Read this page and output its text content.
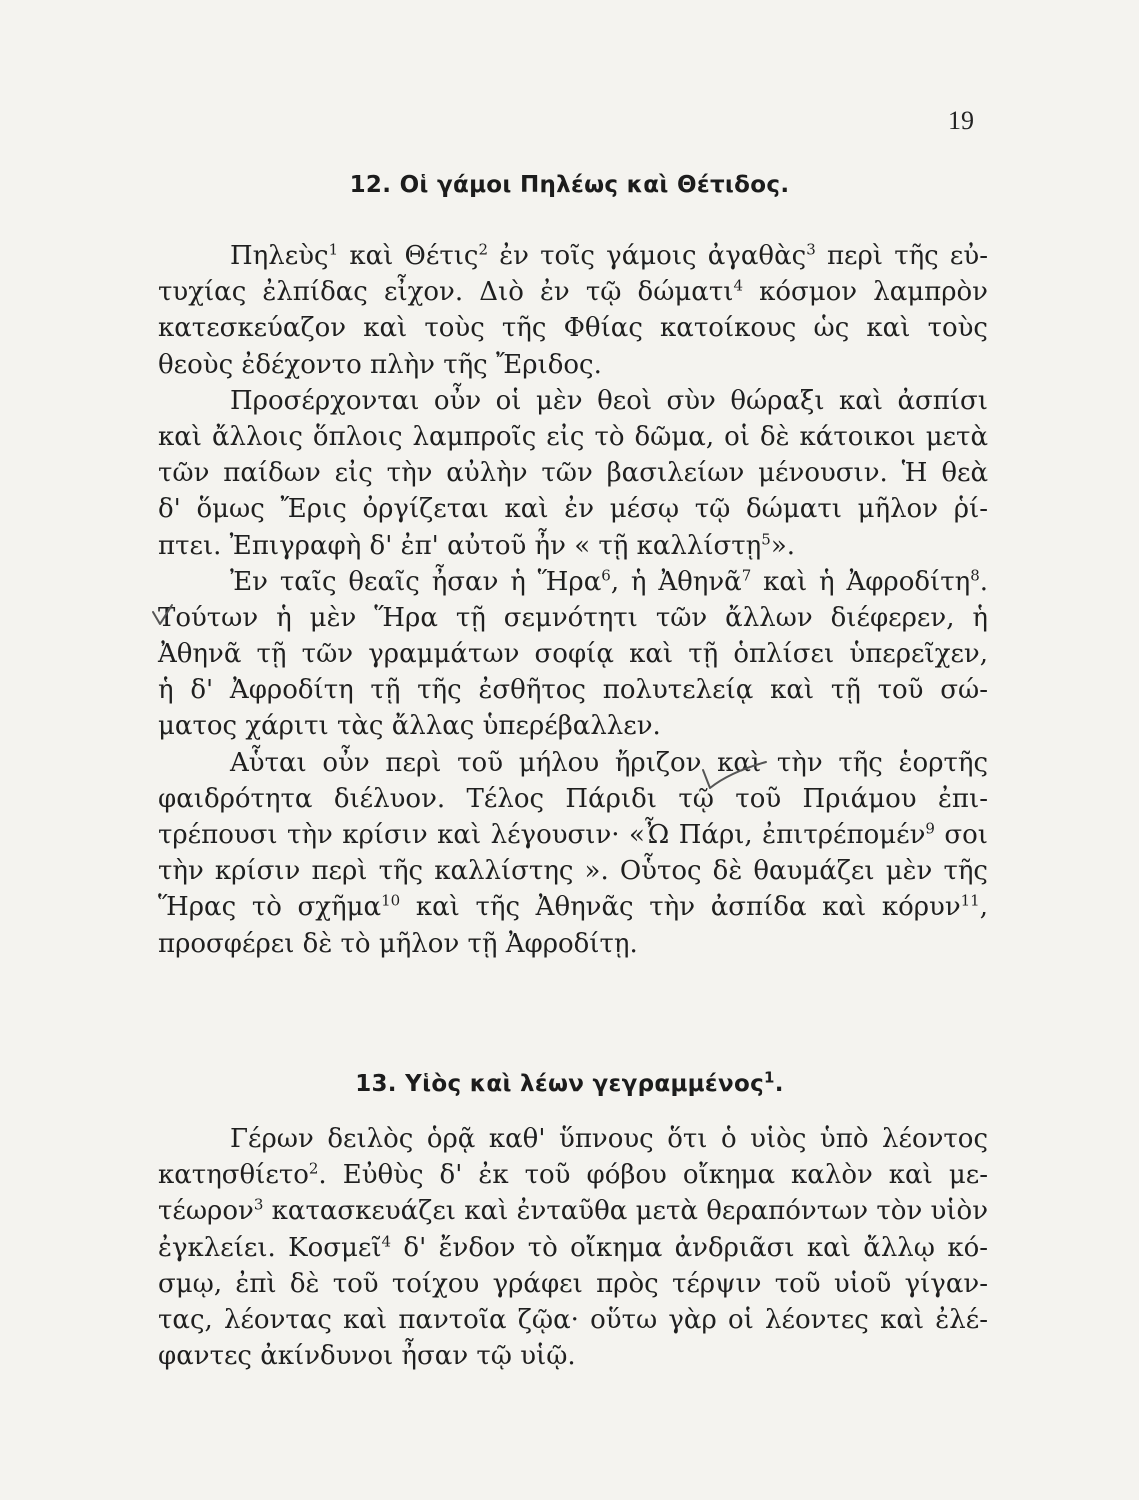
19
12. Οἱ γάμοι Πηλέως καὶ Θέτιδος.
Πηλεὺς$^1$ καὶ Θέτις$^2$ ἐν τοῖς γάμοις ἀγαθὰς$^3$ περὶ τῆς εὐ-
τυχίας ἐλπίδας εἶχον. Διὸ ἐν τῷ δώματι$^4$ κόσμον λαμπρὸν
κατεσκεύαζον καὶ τοὺς τῆς Φθίας κατοίκους ὡς καὶ τοὺς
θεοὺς ἐδέχοντο πλὴν τῆς Ἔριδος.
Προσέρχονται οὖν οἱ μὲν θεοὶ σὺν θώραξι καὶ ἀσπίσι
καὶ ἄλλοις ὅπλοις λαμπροῖς εἰς τὸ δῶμα, οἱ δὲ κάτοικοι μετὰ
τῶν παίδων εἰς τὴν αὐλὴν τῶν βασιλείων μένουσιν. Ἡ θεὰ
δ' ὅμως Ἔρις ὀργίζεται καὶ ἐν μέσῳ τῷ δώματι μῆλον ῥί-
πτει. Ἐπιγραφὴ δ' ἐπ' αὐτοῦ ἦν « τῇ καλλίστῃ$^5$».
Ἐν ταῖς θεαῖς ἦσαν ἡ Ἥρα$^6$, ἡ Ἀθηνᾶ$^7$ καὶ ἡ Ἀφροδίτη$^8$.
Τούτων ἡ μὲν Ἥρα τῇ σεμνότητι τῶν ἄλλων διέφερεν, ἡ
Ἀθηνᾶ τῇ τῶν γραμμάτων σοφίᾳ καὶ τῇ ὁπλίσει ὑπερεῖχεν,
ἡ δ' Ἀφροδίτη τῇ τῆς ἐσθῆτος πολυτελείᾳ καὶ τῇ τοῦ σώ-
ματος χάριτι τὰς ἄλλας ὑπερέβαλλεν.
Αὗται οὖν περὶ τοῦ μήλου ἤριζον καὶ τὴν τῆς ἑορτῆς
φαιδρότητα διέλυον. Τέλος Πάριδι τῷ τοῦ Πριάμου ἐπι-
τρέπουσι τὴν κρίσιν καὶ λέγουσιν· «Ὦ Πάρι, ἐπιτρέπομέν$^9$ σοι
τὴν κρίσιν περὶ τῆς καλλίστης ». Οὗτος δὲ θαυμάζει μὲν τῆς
Ἥρας τὸ σχῆμα$^{10}$ καὶ τῆς Ἀθηνᾶς τὴν ἀσπίδα καὶ κόρυν$^{11}$,
προσφέρει δὲ τὸ μῆλον τῇ Ἀφροδίτῃ.
13. Υἱὸς καὶ λέων γεγραμμένος$^1$.
Γέρων δειλὸς ὁρᾷ καθ' ὕπνους ὅτι ὁ υἱὸς ὑπὸ λέοντος
κατησθίετο$^2$. Εὐθὺς δ' ἐκ τοῦ φόβου οἴκημα καλὸν καὶ με-
τέωρον$^3$ κατασκευάζει καὶ ἐνταῦθα μετὰ θεραπόντων τὸν υἱὸν
ἐγκλείει. Κοσμεῖ$^4$ δ' ἔνδον τὸ οἴκημα ἀνδριᾶσι καὶ ἄλλῳ κό-
σμῳ, ἐπὶ δὲ τοῦ τοίχου γράφει πρὸς τέρψιν τοῦ υἱοῦ γίγαν-
τας, λέοντας καὶ παντοῖα ζῷα· οὕτω γὰρ οἱ λέοντες καὶ ἐλέ-
φαντες ἀκίνδυνοι ἦσαν τῷ υἱῷ.
